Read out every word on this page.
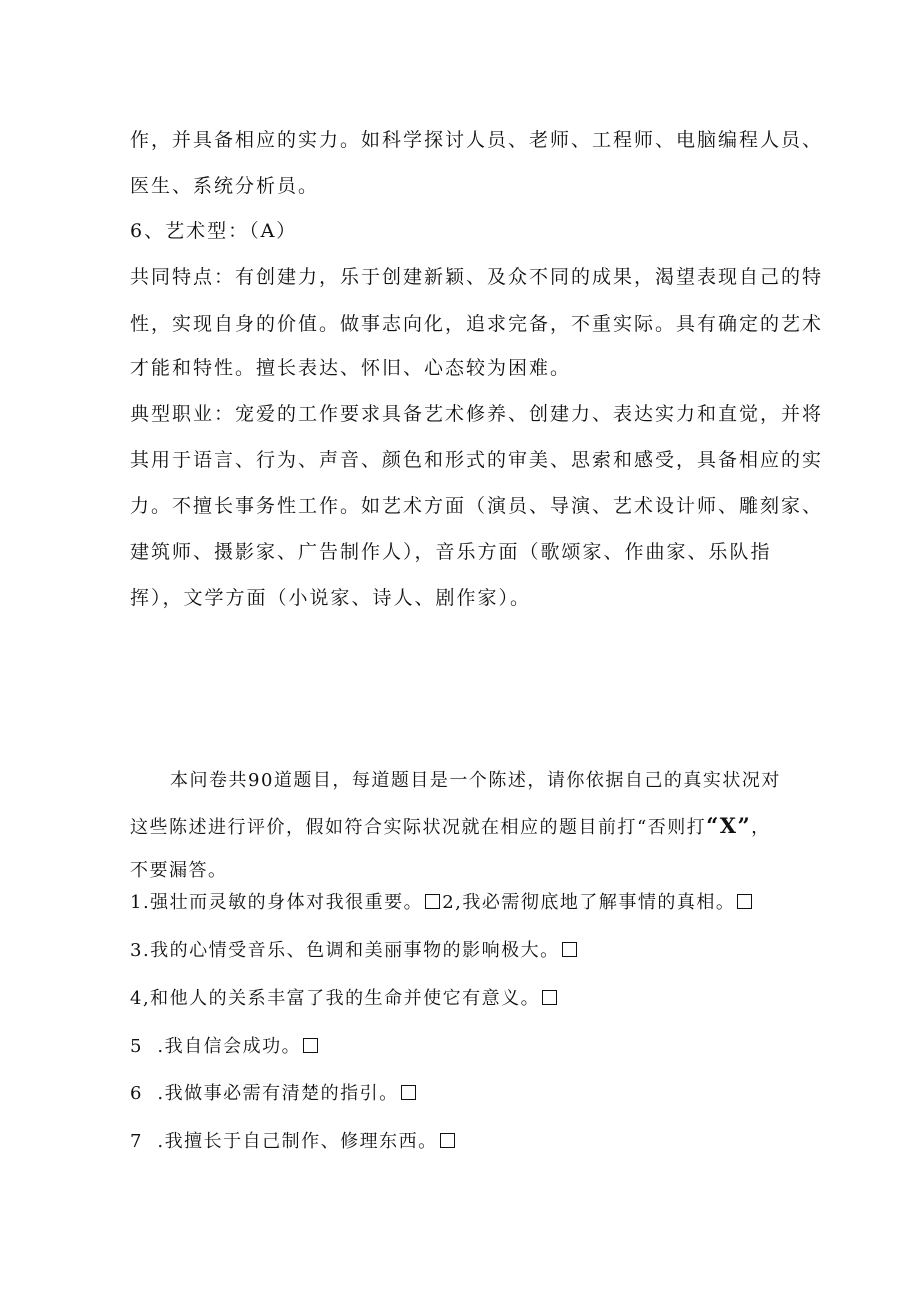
作，并具备相应的实力。如科学探讨人员、老师、工程师、电脑编程人员、
医生、系统分析员。
6、艺术型：（A）
共同特点：有创建力，乐于创建新颖、及众不同的成果，渴望表现自己的特
性，实现自身的价值。做事志向化，追求完备，不重实际。具有确定的艺术
才能和特性。擅长表达、怀旧、心态较为困难。
典型职业：宠爱的工作要求具备艺术修养、创建力、表达实力和直觉，并将
其用于语言、行为、声音、颜色和形式的审美、思索和感受，具备相应的实
力。不擅长事务性工作。如艺术方面（演员、导演、艺术设计师、雕刻家、
建筑师、摄影家、广告制作人），音乐方面（歌颂家、作曲家、乐队指
挥），文学方面（小说家、诗人、剧作家）。
本问卷共90道题目，每道题目是一个陈述，请你依据自己的真实状况对
这些陈述进行评价，假如符合实际状况就在相应的题目前打“否则打“X”，
不要漏答。
1.强壮而灵敏的身体对我很重要。 2,我必需彻底地了解事情的真相。
3.我的心情受音乐、色调和美丽事物的影响极大。
4,和他人的关系丰富了我的生命并使它有意义。
5  .我自信会成功。
6  .我做事必需有清楚的指引。
7  .我擅长于自己制作、修理东西。
